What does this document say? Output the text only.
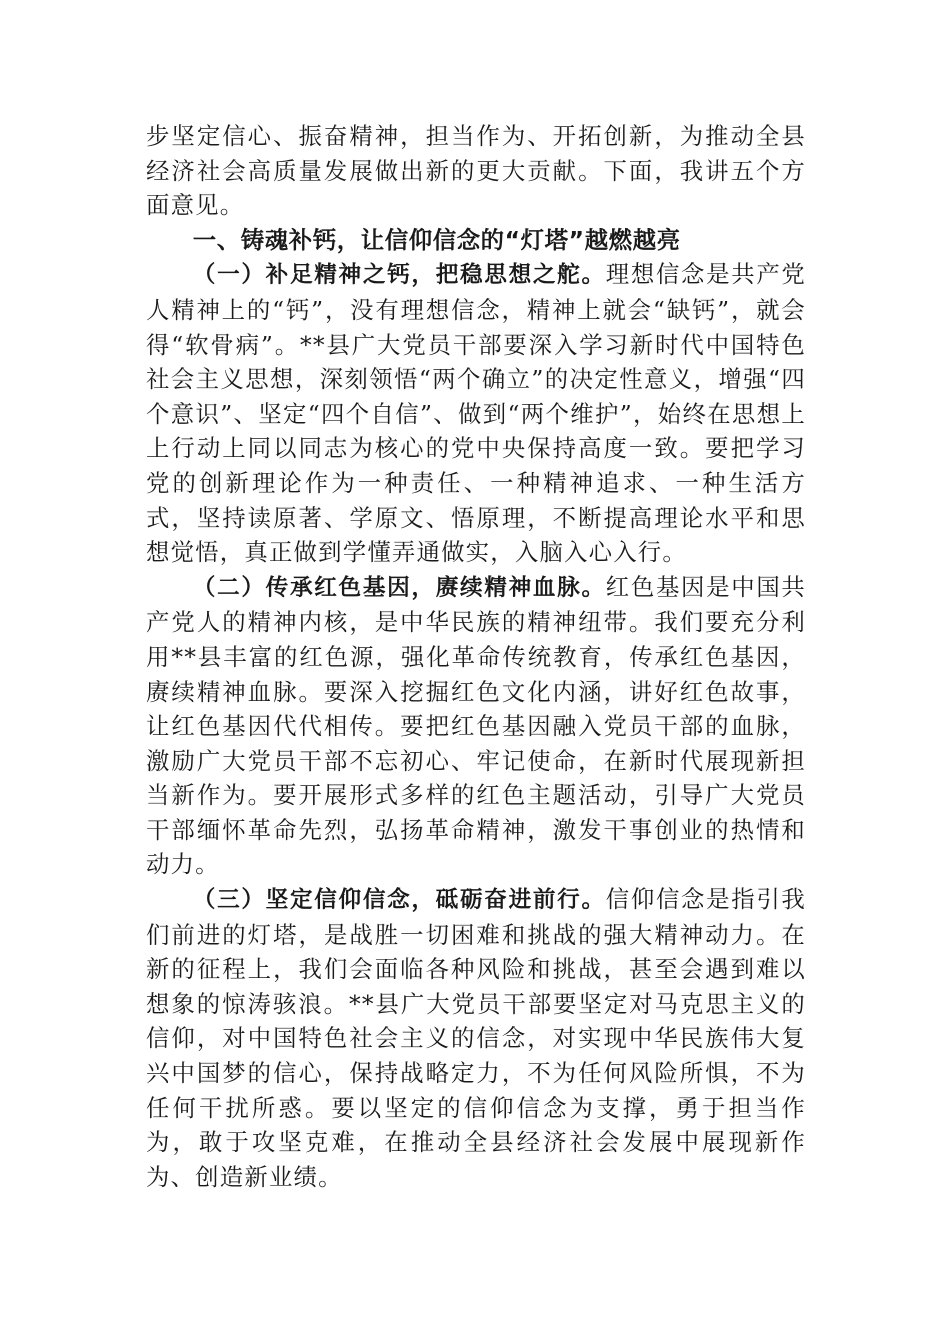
步坚定信心、振奋精神，担当作为、开拓创新，为推动全县经济社会高质量发展做出新的更大贡献。下面，我讲五个方面意见。

一、铸魂补钙，让信仰信念的“灯塔”越燃越亮

（一）补足精神之钙，把稳思想之舵。理想信念是共产党人精神上的“钙”，没有理想信念，精神上就会“缺钙”，就会得“软骨病”。**县广大党员干部要深入学习新时代中国特色社会主义思想，深刻领悟“两个确立”的决定性意义，增强“四个意识”、坚定“四个自信”、做到“两个维护”，始终在思想上上行动上同以同志为核心的党中央保持高度一致。要把学习党的创新理论作为一种责任、一种精神追求、一种生活方式，坚持读原著、学原文、悟原理，不断提高理论水平和思想觉悟，真正做到学懂弄通做实，入脑入心入行。

（二）传承红色基因，赓续精神血脉。红色基因是中国共产党人的精神内核，是中华民族的精神纽带。我们要充分利用**县丰富的红色源，强化革命传统教育，传承红色基因，赓续精神血脉。要深入挖掘红色文化内涵，讲好红色故事，让红色基因代代相传。要把红色基因融入党员干部的血脉，激励广大党员干部不忘初心、牢记使命，在新时代展现新担当新作为。要开展形式多样的红色主题活动，引导广大党员干部缅怀革命先烈，弘扬革命精神，激发干事创业的热情和动力。

（三）坚定信仰信念，砥砺奋进前行。信仰信念是指引我们前进的灯塔，是战胜一切困难和挑战的强大精神动力。在新的征程上，我们会面临各种风险和挑战，甚至会遇到难以想象的惊涛骇浪。**县广大党员干部要坚定对马克思主义的信仰，对中国特色社会主义的信念，对实现中华民族伟大复兴中国梦的信心，保持战略定力，不为任何风险所惧，不为任何干扰所惑。要以坚定的信仰信念为支撑，勇于担当作为，敢于攻坚克难，在推动全县经济社会发展中展现新作为、创造新业绩。
